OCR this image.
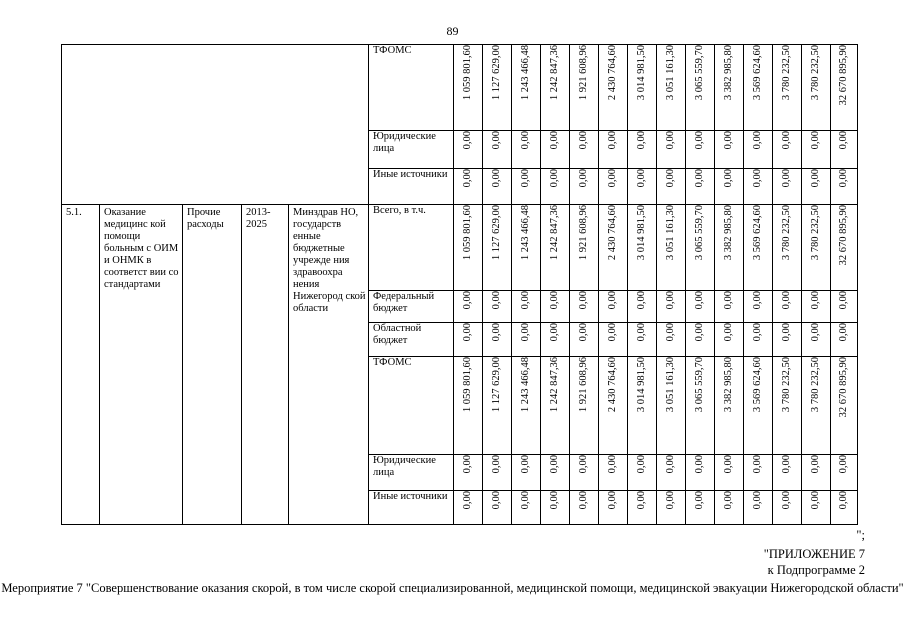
89
					ТФОМС	1 059 801,60	1 127 629,00	1 243 466,48	1 242 847,36	1 921 608,96	2 430 764,60	3 014 981,50	3 051 161,30	3 065 559,70	3 382 985,80	3 569 624,60	3 780 232,50	3 780 232,50	32 670 895,90
					Юридические лица	0,00	0,00	0,00	0,00	0,00	0,00	0,00	0,00	0,00	0,00	0,00	0,00	0,00	0,00
					Иные источники	0,00	0,00	0,00	0,00	0,00	0,00	0,00	0,00	0,00	0,00	0,00	0,00	0,00	0,00
5.1.	Оказание медицинс кой помощи больным с ОИМ и ОНМК в соответст вии со стандартами	Прочие расходы	2013-2025	Минздрав НО, государств енные бюджетные учрежде ния здравоохра нения Нижегород ской области	Всего, в т.ч.	1 059 801,60	1 127 629,00	1 243 466,48	1 242 847,36	1 921 608,96	2 430 764,60	3 014 981,50	3 051 161,30	3 065 559,70	3 382 985,80	3 569 624,60	3 780 232,50	3 780 232,50	32 670 895,90
					Федеральный бюджет	0,00	0,00	0,00	0,00	0,00	0,00	0,00	0,00	0,00	0,00	0,00	0,00	0,00	0,00
					Областной бюджет	0,00	0,00	0,00	0,00	0,00	0,00	0,00	0,00	0,00	0,00	0,00	0,00	0,00	0,00
					ТФОМС	1 059 801,60	1 127 629,00	1 243 466,48	1 242 847,36	1 921 608,96	2 430 764,60	3 014 981,50	3 051 161,30	3 065 559,70	3 382 985,80	3 569 624,60	3 780 232,50	3 780 232,50	32 670 895,90
					Юридические лица	0,00	0,00	0,00	0,00	0,00	0,00	0,00	0,00	0,00	0,00	0,00	0,00	0,00	0,00
					Иные источники	0,00	0,00	0,00	0,00	0,00	0,00	0,00	0,00	0,00	0,00	0,00	0,00	0,00	0,00
";
"ПРИЛОЖЕНИЕ 7
к Подпрограмме 2
Мероприятие 7 "Совершенствование оказания скорой, в том числе скорой специализированной, медицинской помощи, медицинской эвакуации Нижегородской области"
